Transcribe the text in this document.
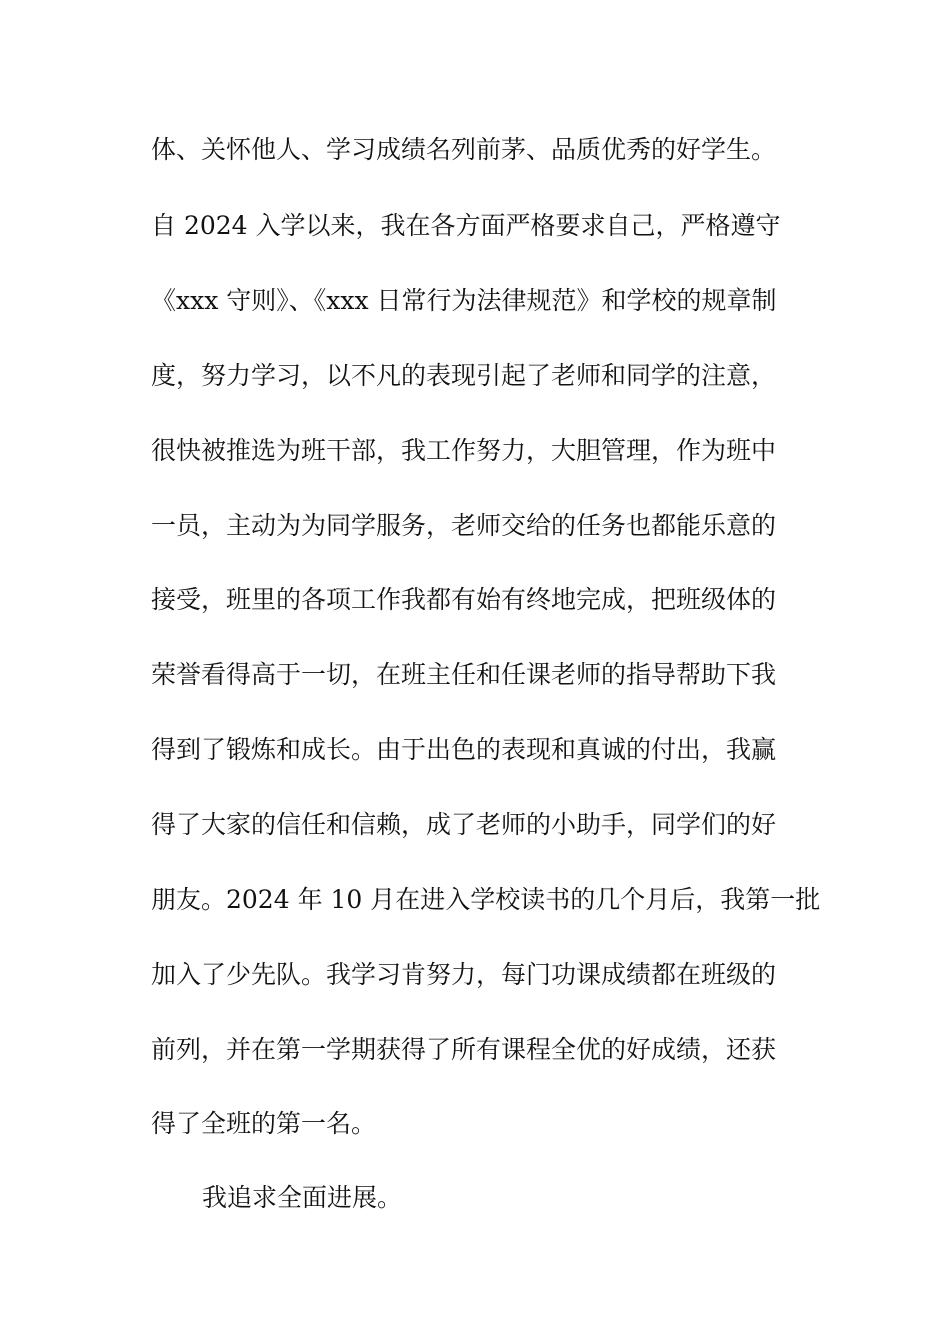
体、关怀他人、学习成绩名列前茅、品质优秀的好学生。
自 2024 入学以来，我在各方面严格要求自己，严格遵守
《xxx 守则》、《xxx 日常行为法律规范》和学校的规章制
度，努力学习，以不凡的表现引起了老师和同学的注意，
很快被推选为班干部，我工作努力，大胆管理，作为班中
一员，主动为为同学服务，老师交给的任务也都能乐意的
接受，班里的各项工作我都有始有终地完成，把班级体的
荣誉看得高于一切，在班主任和任课老师的指导帮助下我
得到了锻炼和成长。由于出色的表现和真诚的付出，我赢
得了大家的信任和信赖，成了老师的小助手，同学们的好
朋友。2024 年 10 月在进入学校读书的几个月后，我第一批
加入了少先队。我学习肯努力，每门功课成绩都在班级的
前列，并在第一学期获得了所有课程全优的好成绩，还获
得了全班的第一名。
我追求全面进展。
